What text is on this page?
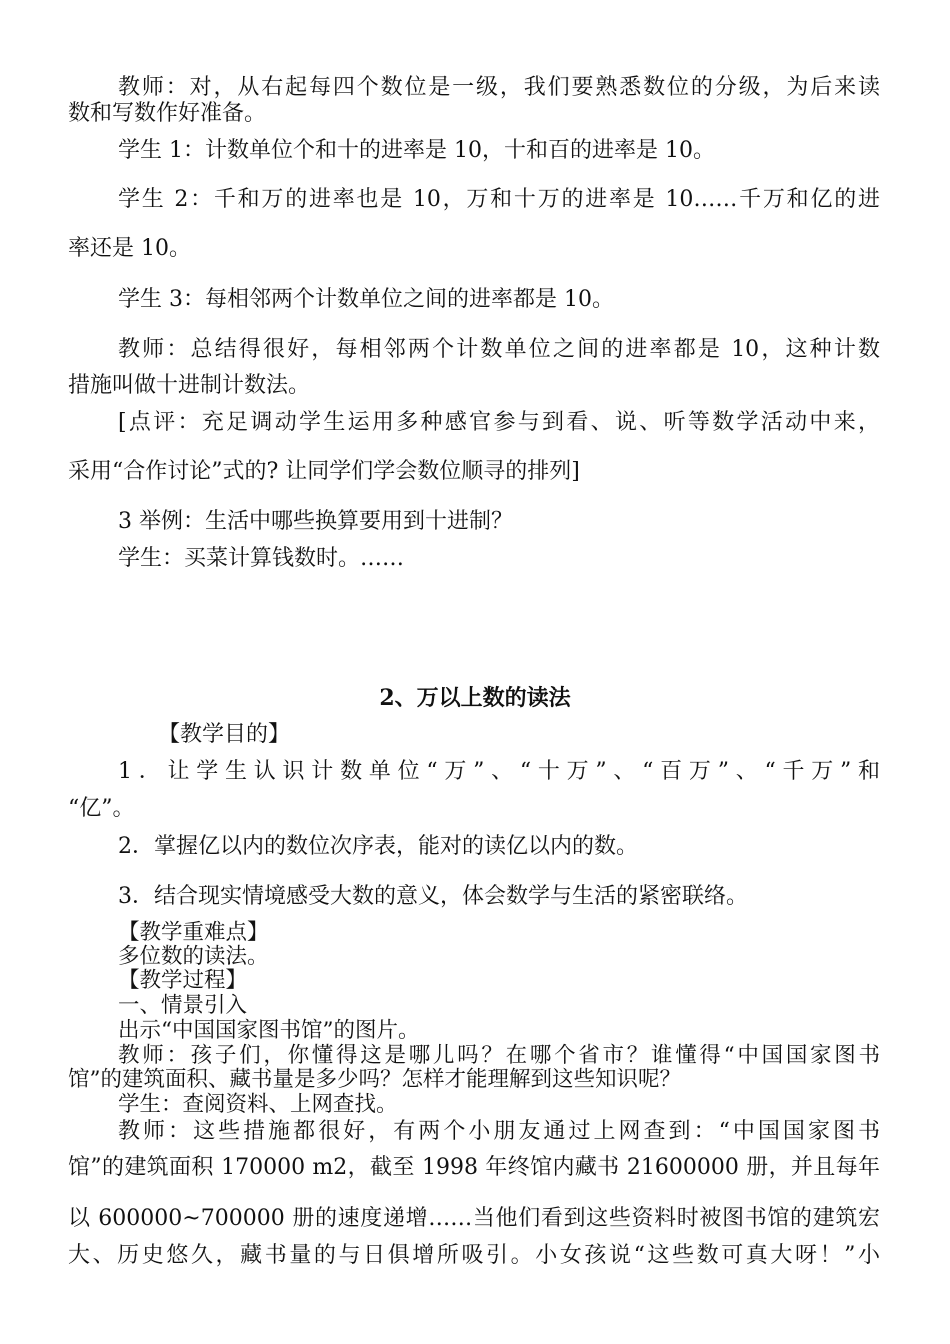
教师：对，从右起每四个数位是一级，我们要熟悉数位的分级，为后来读
数和写数作好准备。
学生 1：计数单位个和十的进率是 10，十和百的进率是 10。
学生 2：千和万的进率也是 10，万和十万的进率是 10……千万和亿的进
率还是 10。
学生 3：每相邻两个计数单位之间的进率都是 10。
教师：总结得很好，每相邻两个计数单位之间的进率都是 10，这种计数
措施叫做十进制计数法。
[点评：充足调动学生运用多种感官参与到看、说、听等数学活动中来，
采用“合作讨论”式的? 让同学们学会数位顺寻的排列]
3 举例：生活中哪些换算要用到十进制？
学生：买菜计算钱数时。……
2、万以上数的读法
【教学目的】
1．让学生认识计数单位“万”、“十万”、“百万”、“千万”和
“亿”。
2．掌握亿以内的数位次序表，能对的读亿以内的数。
3．结合现实情境感受大数的意义，体会数学与生活的紧密联络。
【教学重难点】
多位数的读法。
【教学过程】
一、情景引入
出示“中国国家图书馆”的图片。
教师：孩子们，你懂得这是哪儿吗？在哪个省市？谁懂得“中国国家图书
馆”的建筑面积、藏书量是多少吗？怎样才能理解到这些知识呢？
学生：查阅资料、上网查找。
教师：这些措施都很好，有两个小朋友通过上网查到：“中国国家图书
馆”的建筑面积 170000 m2，截至 1998 年终馆内藏书 21600000 册，并且每年
以 600000~700000 册的速度递增……当他们看到这些资料时被图书馆的建筑宏
大、历史悠久，藏书量的与日俱增所吸引。小女孩说“这些数可真大呀！”小
